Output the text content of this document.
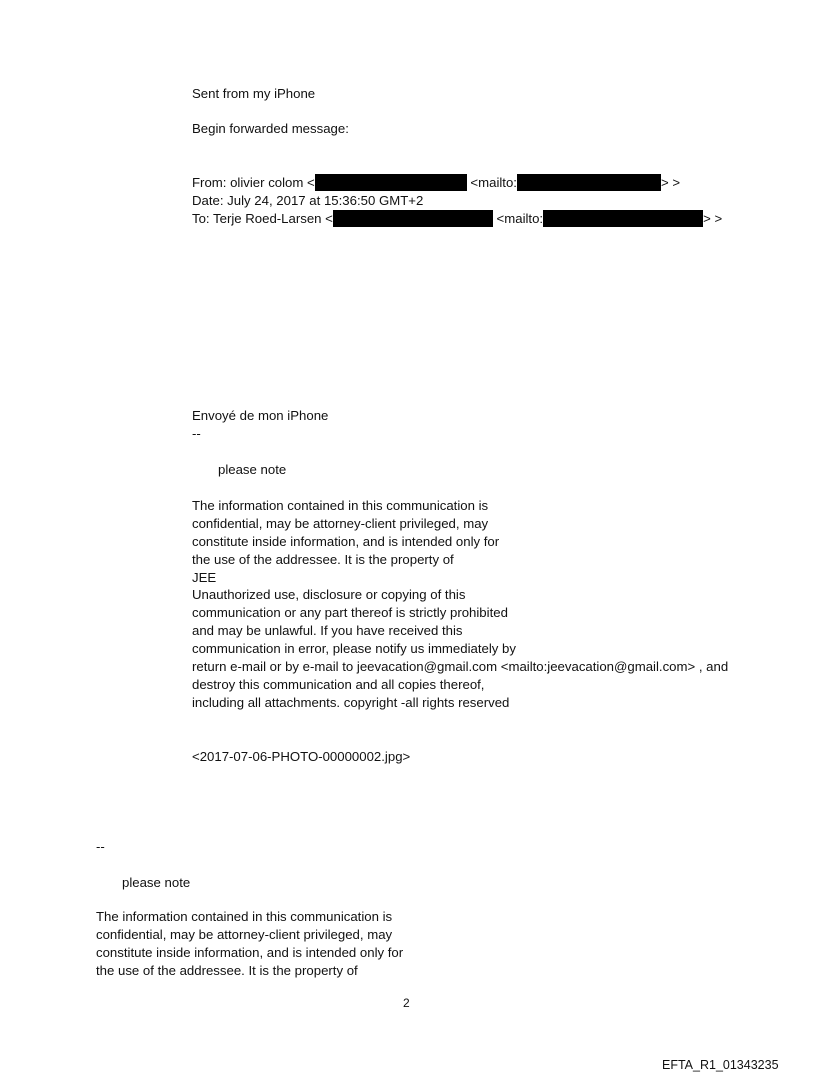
Sent from my iPhone
Begin forwarded message:
From: olivier colom <	<mailto:	> >
Date: July 24, 2017 at 15:36:50 GMT+2
To: Terje Roed-Larsen <	<mailto:	> >
Envoyé de mon iPhone
--
please note
The information contained in this communication is
confidential, may be attorney-client privileged, may
constitute inside information, and is intended only for
the use of the addressee. It is the property of
JEE
Unauthorized use, disclosure or copying of this
communication or any part thereof is strictly prohibited
and may be unlawful. If you have received this
communication in error, please notify us immediately by
return e-mail or by e-mail to jeevacation@gmail.com <mailto:jeevacation@gmail.com> , and
destroy this communication and all copies thereof,
including all attachments. copyright -all rights reserved
<2017-07-06-PHOTO-00000002.jpg>
--
please note
The information contained in this communication is
confidential, may be attorney-client privileged, may
constitute inside information, and is intended only for
the use of the addressee. It is the property of
2
EFTA_R1_01343235
